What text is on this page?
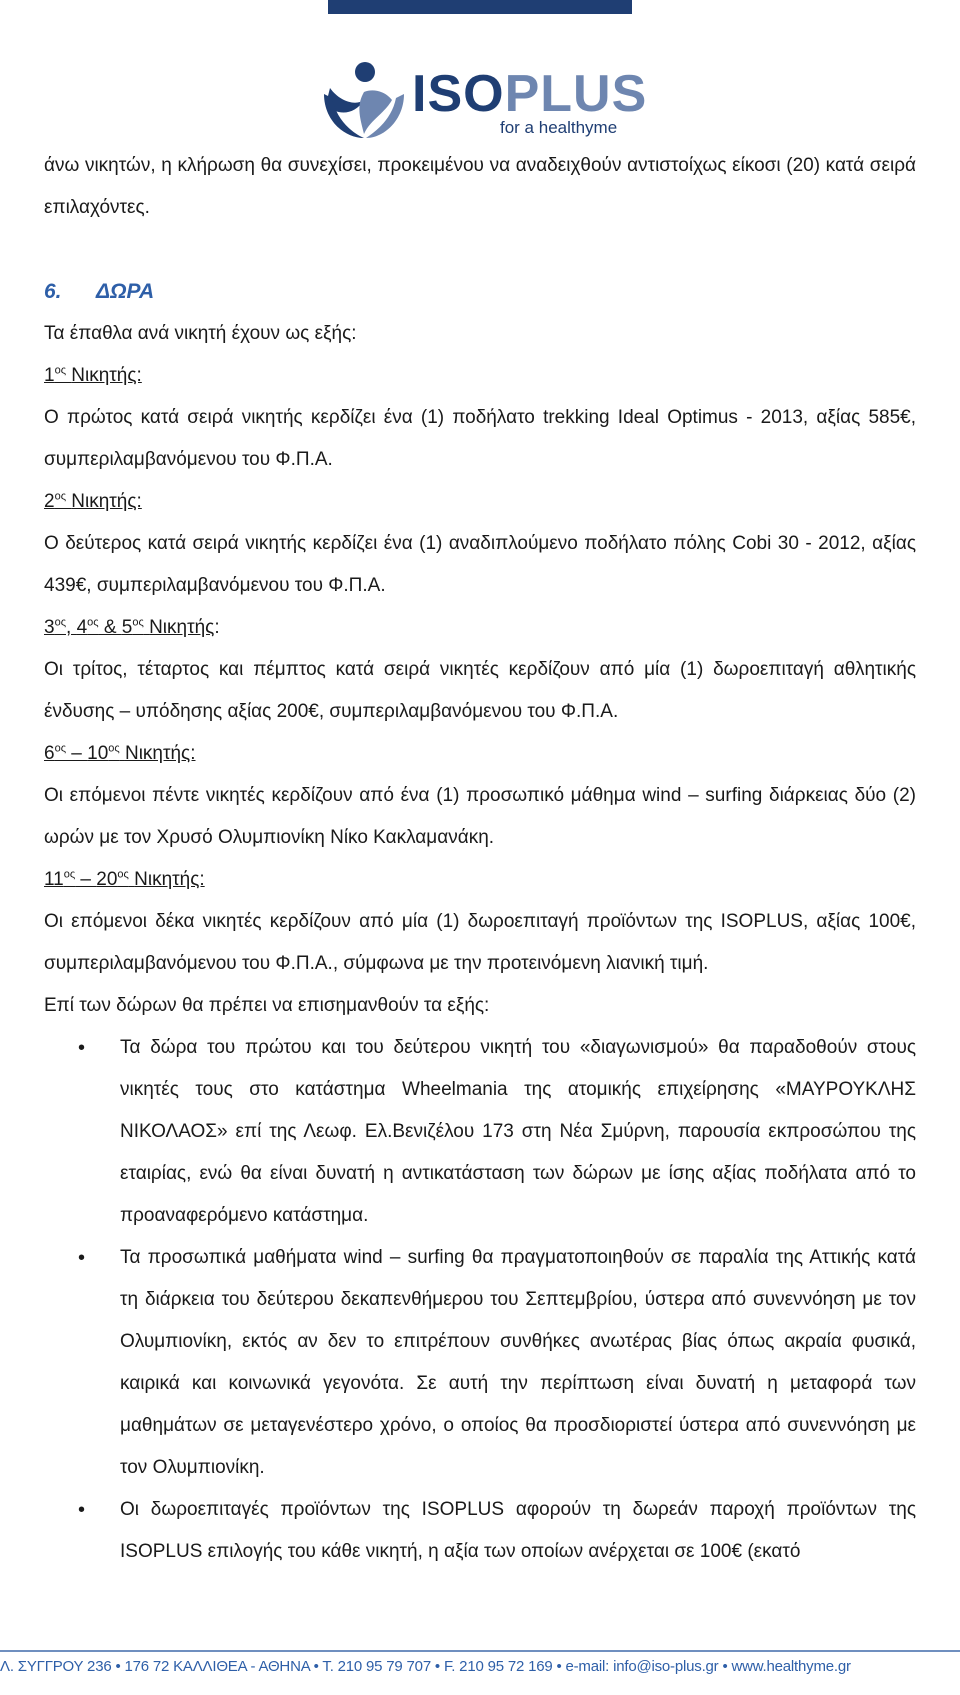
ISOPLUS
for a healthyme

άνω νικητών, η κλήρωση θα συνεχίσει, προκειμένου να αναδειχθούν αντιστοίχως είκοσι (20) κατά σειρά επιλαχόντες.

6. ΔΩΡΑ

Τα έπαθλα ανά νικητή έχουν ως εξής:

$1^{o\varsigma}$ Νικητής:

Ο πρώτος κατά σειρά νικητής κερδίζει ένα (1) ποδήλατο trekking Ideal Optimus - 2013, αξίας 585€, συμπεριλαμβανόμενου του Φ.Π.Α.

$2^{o\varsigma}$ Νικητής:

Ο δεύτερος κατά σειρά νικητής κερδίζει ένα (1) αναδιπλούμενο ποδήλατο πόλης Cobi 30 - 2012, αξίας 439€, συμπεριλαμβανόμενου του Φ.Π.Α.

$3^{o\varsigma}$, $4^{o\varsigma}$ & $5^{o\varsigma}$ Νικητής:

Οι τρίτος, τέταρτος και πέμπτος κατά σειρά νικητές κερδίζουν από μία (1) δωροεπιταγή αθλητικής ένδυσης – υπόδησης αξίας 200€, συμπεριλαμβανόμενου του Φ.Π.Α.

$6^{o\varsigma} - 10^{o\varsigma}$ Νικητής:

Οι επόμενοι πέντε νικητές κερδίζουν από ένα (1) προσωπικό μάθημα wind – surfing διάρκειας δύο (2) ωρών με τον Χρυσό Ολυμπιονίκη Νίκο Κακλαμανάκη.

$11^{o\varsigma} - 20^{o\varsigma}$ Νικητής:

Οι επόμενοι δέκα νικητές κερδίζουν από μία (1) δωροεπιταγή προϊόντων της ISOPLUS, αξίας 100€, συμπεριλαμβανόμενου του Φ.Π.Α., σύμφωνα με την προτεινόμενη λιανική τιμή.

Επί των δώρων θα πρέπει να επισημανθούν τα εξής:

• Τα δώρα του πρώτου και του δεύτερου νικητή του «διαγωνισμού» θα παραδοθούν στους νικητές τους στο κατάστημα Wheelmania της ατομικής επιχείρησης «ΜΑΥΡΟΥΚΛΗΣ ΝΙΚΟΛΑΟΣ» επί της Λεωφ. Ελ.Βενιζέλου 173 στη Νέα Σμύρνη, παρουσία εκπροσώπου της εταιρίας, ενώ θα είναι δυνατή η αντικατάσταση των δώρων με ίσης αξίας ποδήλατα από το προαναφερόμενο κατάστημα.
• Τα προσωπικά μαθήματα wind – surfing θα πραγματοποιηθούν σε παραλία της Αττικής κατά τη διάρκεια του δεύτερου δεκαπενθήμερου του Σεπτεμβρίου, ύστερα από συνεννόηση με τον Ολυμπιονίκη, εκτός αν δεν το επιτρέπουν συνθήκες ανωτέρας βίας όπως ακραία φυσικά, καιρικά και κοινωνικά γεγονότα. Σε αυτή την περίπτωση είναι δυνατή η μεταφορά των μαθημάτων σε μεταγενέστερο χρόνο, ο οποίος θα προσδιοριστεί ύστερα από συνεννόηση με τον Ολυμπιονίκη.
• Οι δωροεπιταγές προϊόντων της ISOPLUS αφορούν τη δωρεάν παροχή προϊόντων της ISOPLUS επιλογής του κάθε νικητή, η αξία των οποίων ανέρχεται σε 100€ (εκατό
Λ. ΣΥΓΓΡΟΥ 236 • 176 72 ΚΑΛΛΙΘΕΑ - ΑΘΗΝΑ • Τ. 210 95 79 707 • F. 210 95 72 169 • e-mail: info@iso-plus.gr • www.healthyme.gr
